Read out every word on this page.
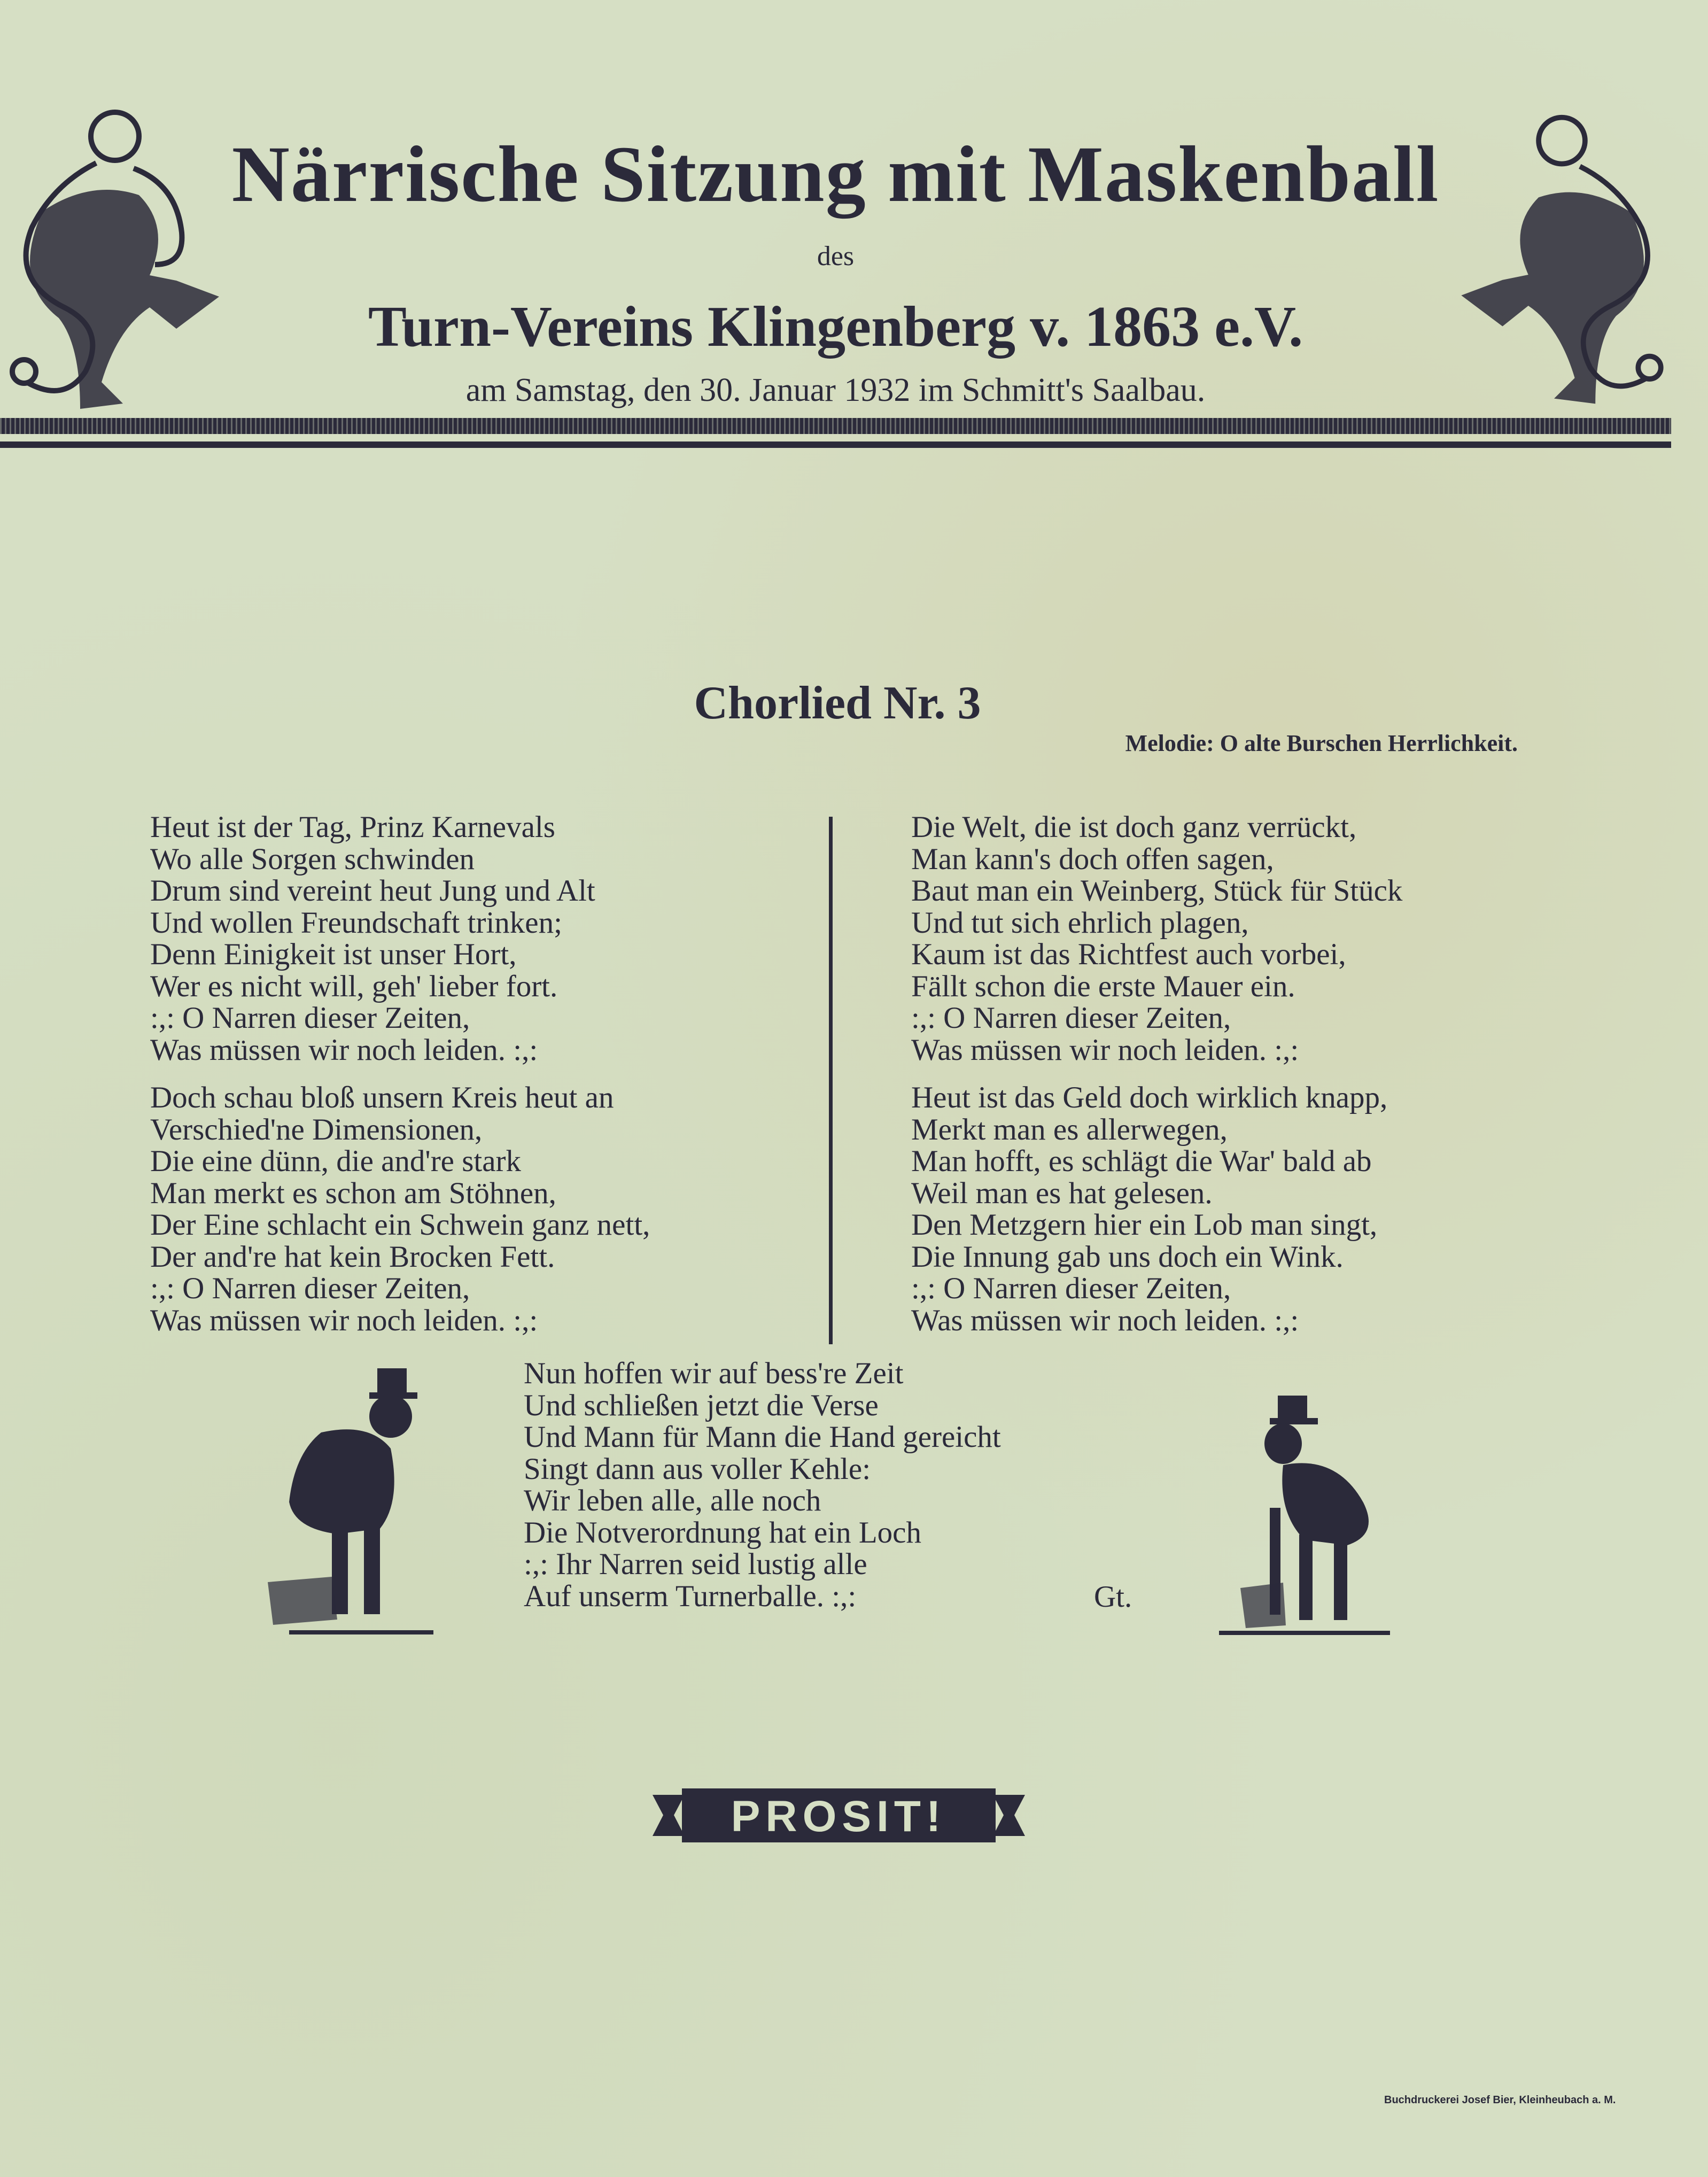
Närrische Sitzung mit Maskenball
des
Turn-Vereins Klingenberg v. 1863 e.V.
am Samstag, den 30. Januar 1932 im Schmitt's Saalbau.
Chorlied Nr. 3
Melodie: O alte Burschen Herrlichkeit.
Heut ist der Tag, Prinz Karnevals
Wo alle Sorgen schwinden
Drum sind vereint heut Jung und Alt
Und wollen Freundschaft trinken;
Denn Einigkeit ist unser Hort,
Wer es nicht will, geh' lieber fort.
:,: O Narren dieser Zeiten,
Was müssen wir noch leiden. :,:
Doch schau bloß unsern Kreis heut an
Verschied'ne Dimensionen,
Die eine dünn, die and're stark
Man merkt es schon am Stöhnen,
Der Eine schlacht ein Schwein ganz nett,
Der and're hat kein Brocken Fett.
:,: O Narren dieser Zeiten,
Was müssen wir noch leiden. :,:
Die Welt, die ist doch ganz verrückt,
Man kann's doch offen sagen,
Baut man ein Weinberg, Stück für Stück
Und tut sich ehrlich plagen,
Kaum ist das Richtfest auch vorbei,
Fällt schon die erste Mauer ein.
:,: O Narren dieser Zeiten,
Was müssen wir noch leiden. :,:
Heut ist das Geld doch wirklich knapp,
Merkt man es allerwegen,
Man hofft, es schlägt die War' bald ab
Weil man es hat gelesen.
Den Metzgern hier ein Lob man singt,
Die Innung gab uns doch ein Wink.
:,: O Narren dieser Zeiten,
Was müssen wir noch leiden. :,:
Nun hoffen wir auf bess're Zeit
Und schließen jetzt die Verse
Und Mann für Mann die Hand gereicht
Singt dann aus voller Kehle:
Wir leben alle, alle noch
Die Notverordnung hat ein Loch
:,: Ihr Narren seid lustig alle
Auf unserm Turnerballe. :,:	Gt.
PROSIT!
Buchdruckerei Josef Bier, Kleinheubach a. M.
